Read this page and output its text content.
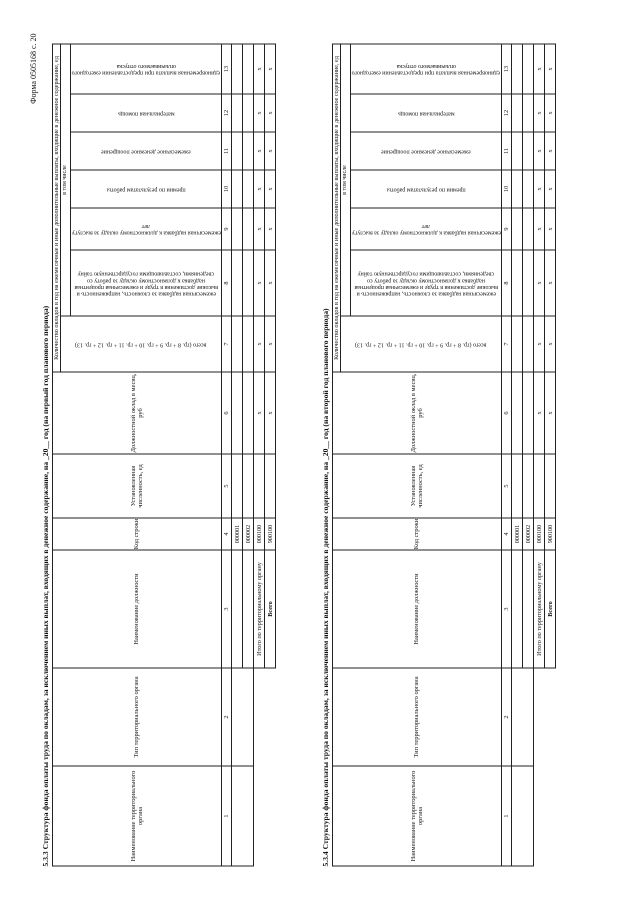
Форма 0505168 с. 20
5.3.3 Структура фонда оплаты труда по окладам, за исключением иных выплат, входящих в денежное содержание, на _20__ год (на первый год планового периода)	Наименование территориального органа	Тип территориального органа	Наименование должности	Код строки	Установленная численность, ед	Должностной оклад в месяц, руб	Количество окладов в год на ежемесячные и иные дополнительные выплаты, входящие в денежное содержание, ед						

						всего (гр. 8 + гр. 9 + гр. 10 + гр. 11 + гр. 12 + гр. 13)	в том числе					

							ежемесячная надбавка за сложность, напряженность и высокие достижения в труде и ежемесячная процентная надбавка к должностному окладу за работу со сведениями, составляющими государственную тайну	ежемесячная надбавка к должностному окладу за выслугу лет	премии по результатам работы	ежемесячное денежное поощрение	материальная помощь	единовременная выплата при предоставлении ежегодного оплачиваемого отпуска

1	2	3	4	5	6	7	8	9	10	11	12	13
			000001									
			000002									
		Итого по территориальному органу	000100		x	x	x	x	x	x	x	x
		Всего	900100		x	x	x	x	x	x	x	x
5.3.4 Структура фонда оплаты труда по окладам, за исключением иных выплат, входящих в денежное содержание, на _20__ год (на второй год планового периода)	Наименование территориального органа	Тип территориального органа	Наименование должности	Код строки	Установленная численность, ед	Должностной оклад в месяц, руб	Количество окладов в год на ежемесячные и иные дополнительные выплаты, входящие в денежное содержание, ед						

						всего (гр. 8 + гр. 9 + гр. 10 + гр. 11 + гр. 12 + гр. 13)	в том числе					

							ежемесячная надбавка за сложность, напряженность и высокие достижения в труде и ежемесячная процентная надбавка к должностному окладу за работу со сведениями, составляющими государственную тайну	ежемесячная надбавка к должностному окладу за выслугу лет	премии по результатам работы	ежемесячное денежное поощрение	материальная помощь	единовременная выплата при предоставлении ежегодного оплачиваемого отпуска

1	2	3	4	5	6	7	8	9	10	11	12	13
			000001									
			000002									
		Итого по территориальному органу	000100		x	x	x	x	x	x	x	x
		Всего	900100		x	x	x	x	x	x	x	x
